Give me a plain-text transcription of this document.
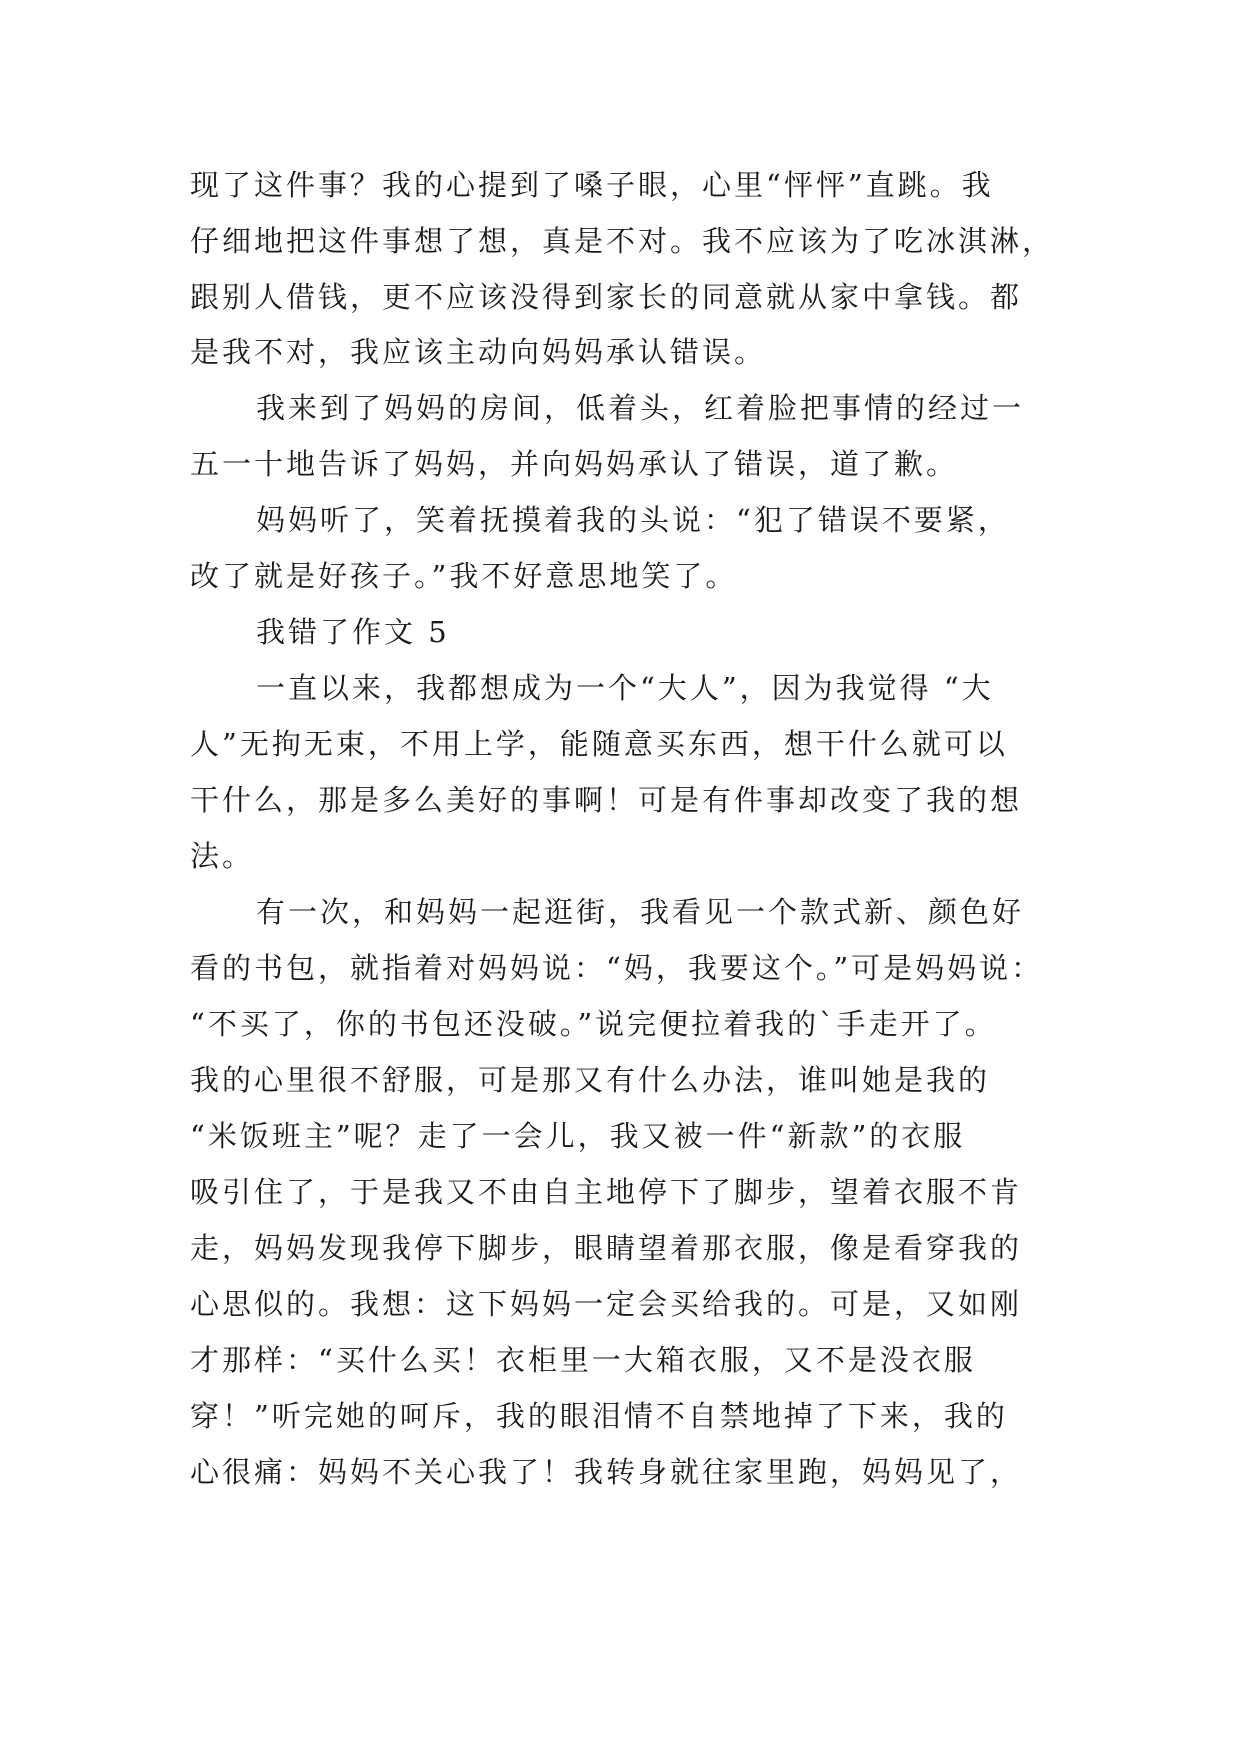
现了这件事？我的心提到了嗓子眼，心里“怦怦”直跳。我
仔细地把这件事想了想，真是不对。我不应该为了吃冰淇淋，
跟别人借钱，更不应该没得到家长的同意就从家中拿钱。都
是我不对，我应该主动向妈妈承认错误。
我来到了妈妈的房间，低着头，红着脸把事情的经过一
五一十地告诉了妈妈，并向妈妈承认了错误，道了歉。
妈妈听了，笑着抚摸着我的头说：“犯了错误不要紧，
改了就是好孩子。”我不好意思地笑了。
我错了作文 5
一直以来，我都想成为一个“大人”，因为我觉得 “大
人”无拘无束，不用上学，能随意买东西，想干什么就可以
干什么，那是多么美好的事啊！可是有件事却改变了我的想
法。
有一次，和妈妈一起逛街，我看见一个款式新、颜色好
看的书包，就指着对妈妈说：“妈，我要这个。”可是妈妈说：
“不买了，你的书包还没破。”说完便拉着我的`手走开了。
我的心里很不舒服，可是那又有什么办法，谁叫她是我的
“米饭班主”呢？走了一会儿，我又被一件“新款”的衣服
吸引住了，于是我又不由自主地停下了脚步，望着衣服不肯
走，妈妈发现我停下脚步，眼睛望着那衣服，像是看穿我的
心思似的。我想：这下妈妈一定会买给我的。可是，又如刚
才那样：“买什么买！衣柜里一大箱衣服，又不是没衣服
穿！”听完她的呵斥，我的眼泪情不自禁地掉了下来，我的
心很痛：妈妈不关心我了！我转身就往家里跑，妈妈见了，
